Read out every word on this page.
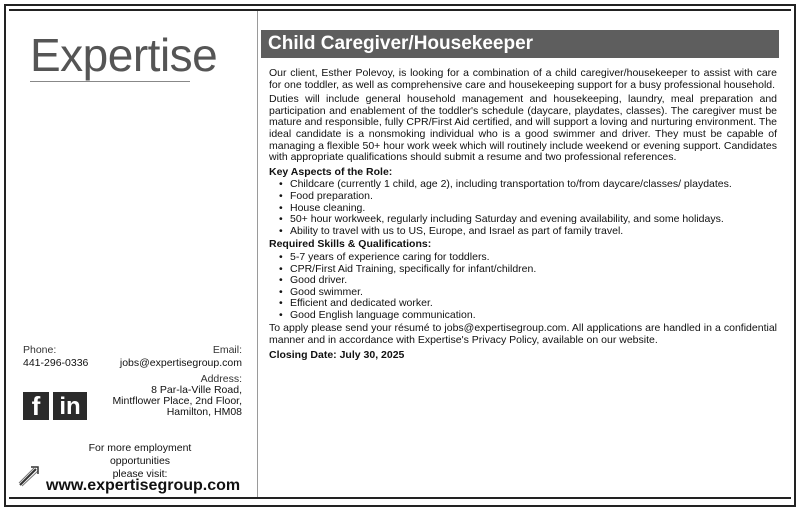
Expertise
Phone:
441-296-0336
Email:
jobs@expertisegroup.com
Address:
8 Par-la-Ville Road,
Mintflower Place, 2nd Floor,
Hamilton, HM08
f in
For more employment opportunities
please visit:
www.expertisegroup.com
Child Caregiver/Housekeeper

Our client, Esther Polevoy, is looking for a combination of a child caregiver/housekeeper to assist with care for one toddler, as well as comprehensive care and housekeeping support for a busy professional household.

Duties will include general household management and housekeeping, laundry, meal preparation and participation and enablement of the toddler's schedule (daycare, playdates, classes). The caregiver must be mature and responsible, fully CPR/First Aid certified, and will support a loving and nurturing environment. The ideal candidate is a nonsmoking individual who is a good swimmer and driver. They must be capable of managing a flexible 50+ hour work week which will routinely include weekend or evening support. Candidates with appropriate qualifications should submit a resume and two professional references.

Key Aspects of the Role:
• Childcare (currently 1 child, age 2), including transportation to/from daycare/classes/ playdates.
• Food preparation.
• House cleaning.
• 50+ hour workweek, regularly including Saturday and evening availability, and some holidays.
• Ability to travel with us to US, Europe, and Israel as part of family travel.
Required Skills & Qualifications:
• 5-7 years of experience caring for toddlers.
• CPR/First Aid Training, specifically for infant/children.
• Good driver.
• Good swimmer.
• Efficient and dedicated worker.
• Good English language communication.

To apply please send your résumé to jobs@expertisegroup.com. All applications are handled in a confidential manner and in accordance with Expertise's Privacy Policy, available on our website.

Closing Date: July 30, 2025
